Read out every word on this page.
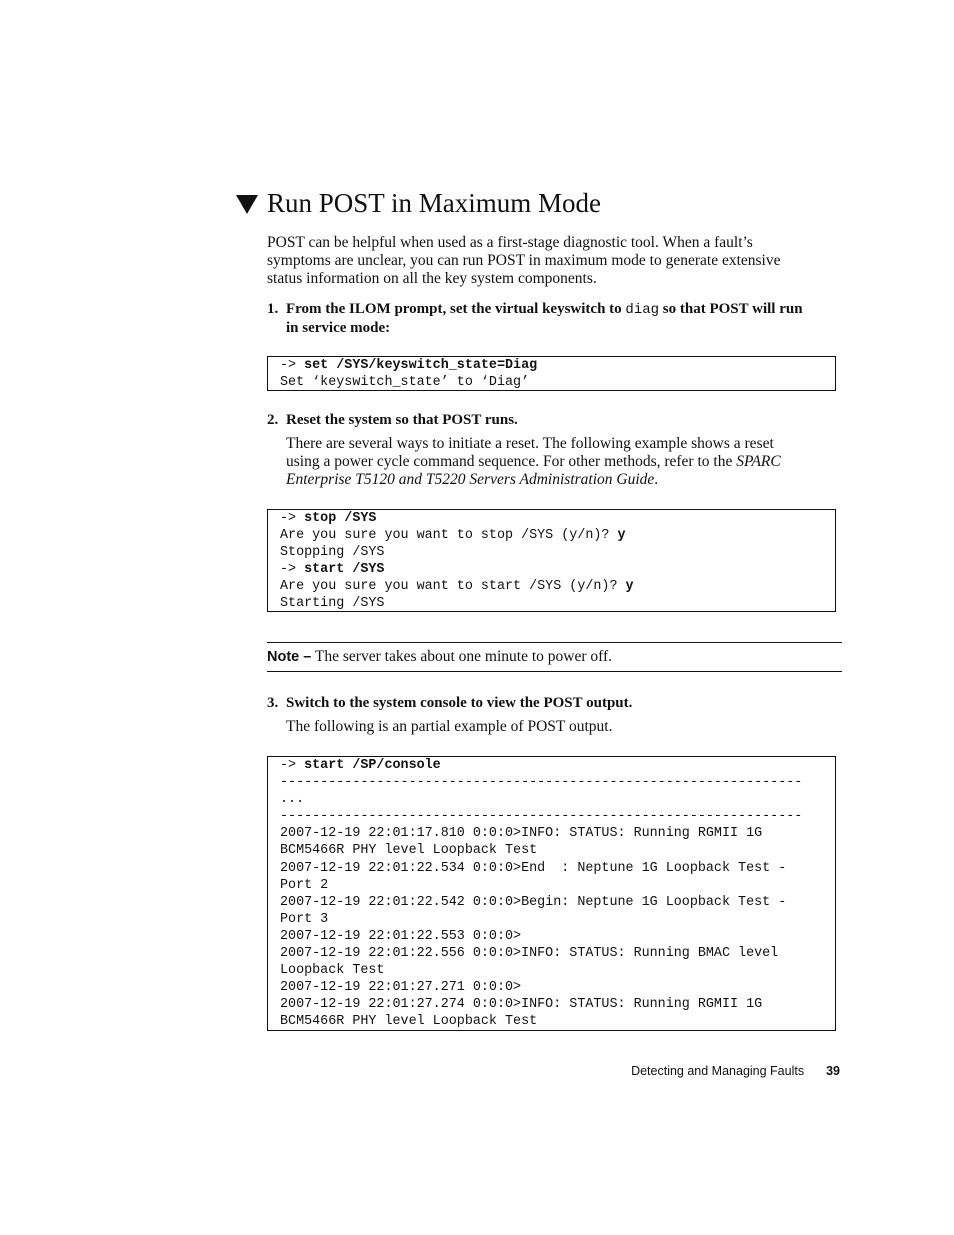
Run POST in Maximum Mode
POST can be helpful when used as a first-stage diagnostic tool. When a fault’s
symptoms are unclear, you can run POST in maximum mode to generate extensive
status information on all the key system components.
1. From the ILOM prompt, set the virtual keyswitch to diag so that POST will run
in service mode:
-> set /SYS/keyswitch_state=Diag
Set ‘keyswitch_state’ to ‘Diag’
2. Reset the system so that POST runs.
There are several ways to initiate a reset. The following example shows a reset
using a power cycle command sequence. For other methods, refer to the SPARC
Enterprise T5120 and T5220 Servers Administration Guide.
-> stop /SYS
Are you sure you want to stop /SYS (y/n)? y
Stopping /SYS
-> start /SYS
Are you sure you want to start /SYS (y/n)? y
Starting /SYS
Note – The server takes about one minute to power off.
3. Switch to the system console to view the POST output.
The following is an partial example of POST output.
-> start /SP/console
-----------------------------------------------------------------
...
-----------------------------------------------------------------
2007-12-19 22:01:17.810 0:0:0>INFO: STATUS: Running RGMII 1G
BCM5466R PHY level Loopback Test
2007-12-19 22:01:22.534 0:0:0>End  : Neptune 1G Loopback Test -
Port 2
2007-12-19 22:01:22.542 0:0:0>Begin: Neptune 1G Loopback Test -
Port 3
2007-12-19 22:01:22.553 0:0:0>
2007-12-19 22:01:22.556 0:0:0>INFO: STATUS: Running BMAC level
Loopback Test
2007-12-19 22:01:27.271 0:0:0>
2007-12-19 22:01:27.274 0:0:0>INFO: STATUS: Running RGMII 1G
BCM5466R PHY level Loopback Test
Detecting and Managing Faults 39
